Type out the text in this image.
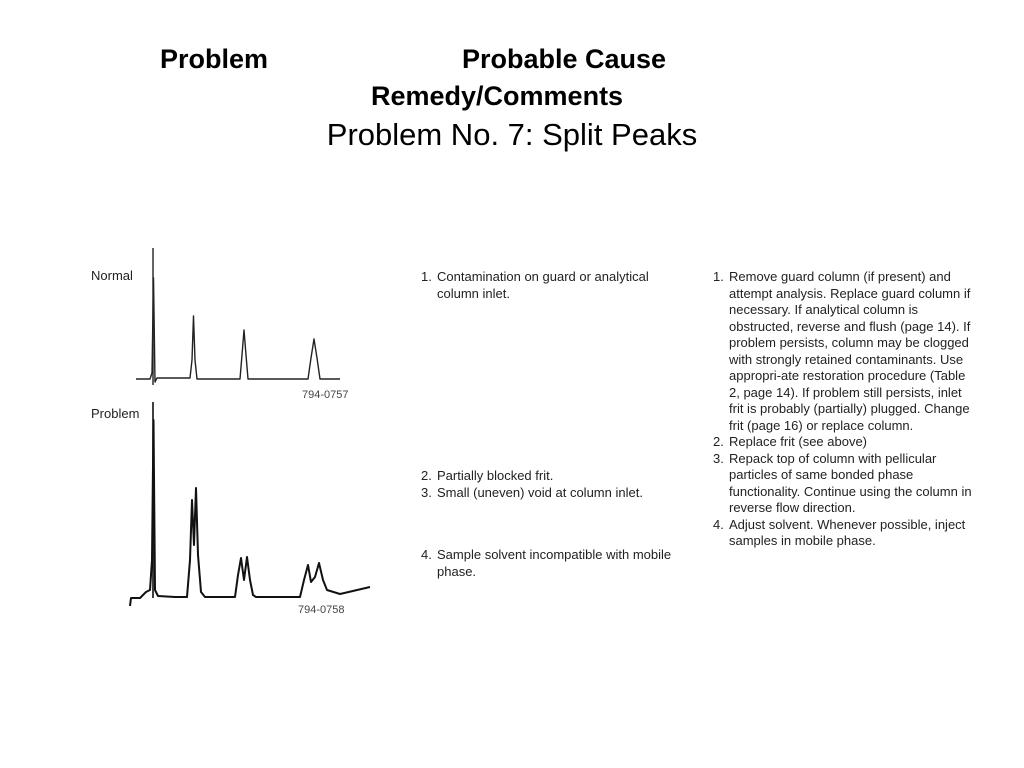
Problem	Probable Cause
Remedy/Comments
Problem No. 7: Split Peaks
Normal
794-0757
Problem
794-0758
1. Contamination on guard or analytical column inlet.
2. Partially blocked frit.
3. Small (uneven) void at column inlet.
4. Sample solvent incompatible with mobile phase.
1. Remove guard column (if present) and attempt analysis. Replace guard column if necessary. If analytical column is obstructed, reverse and flush (page 14). If problem persists, column may be clogged with strongly retained contaminants. Use appropri-ate restoration procedure (Table 2, page 14). If problem still persists, inlet frit is probably (partially) plugged. Change frit (page 16) or replace column.
2. Replace frit (see above)
3. Repack top of column with pellicular particles of same bonded phase functionality. Continue using the column in reverse flow direction.
4. Adjust solvent. Whenever possible, inject samples in mobile phase.
